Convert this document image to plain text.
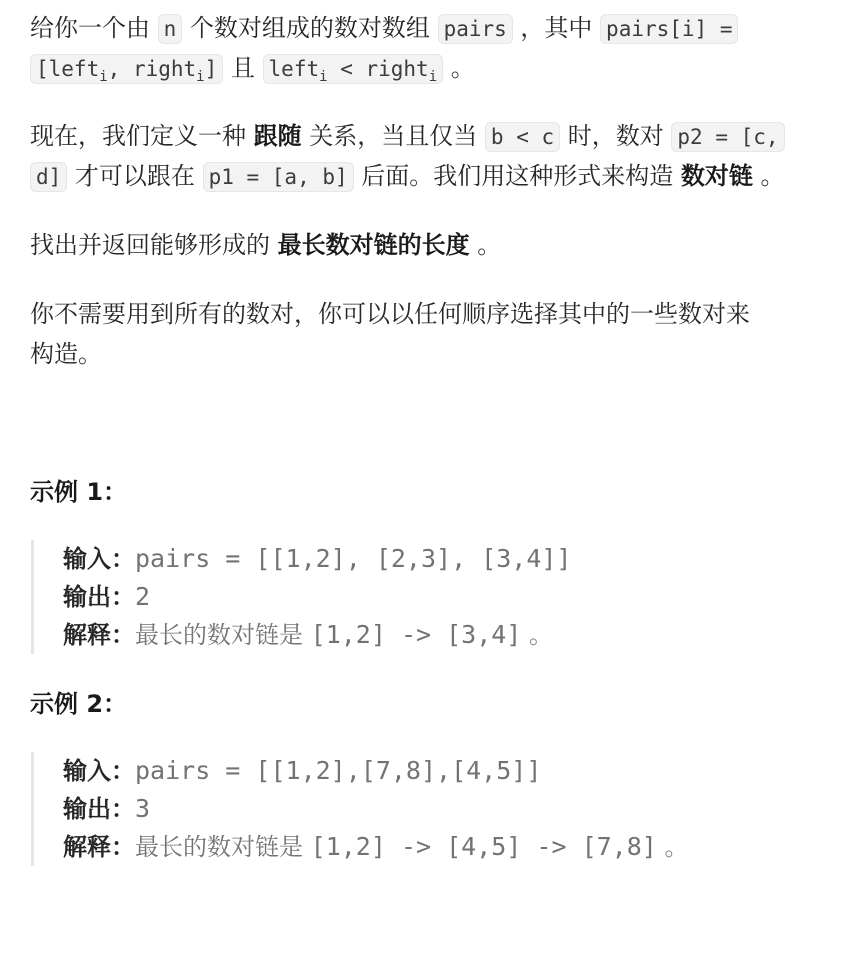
给你一个由 n 个数对组成的数对数组 pairs ，其中 pairs[i] =
[left$_i$, right$_i$] 且 left$_i$ < right$_i$ 。
现在，我们定义一种 跟随 关系，当且仅当 b < c 时，数对 p2 = [c,
d] 才可以跟在 p1 = [a, b] 后面。我们用这种形式来构造 数对链 。
找出并返回能够形成的 最长数对链的长度 。
你不需要用到所有的数对，你可以以任何顺序选择其中的一些数对来
构造。
示例 1：
输入：pairs = [[1,2], [2,3], [3,4]]
输出：2
解释：最长的数对链是 [1,2] -> [3,4] 。
示例 2：
输入：pairs = [[1,2],[7,8],[4,5]]
输出：3
解释：最长的数对链是 [1,2] -> [4,5] -> [7,8] 。
